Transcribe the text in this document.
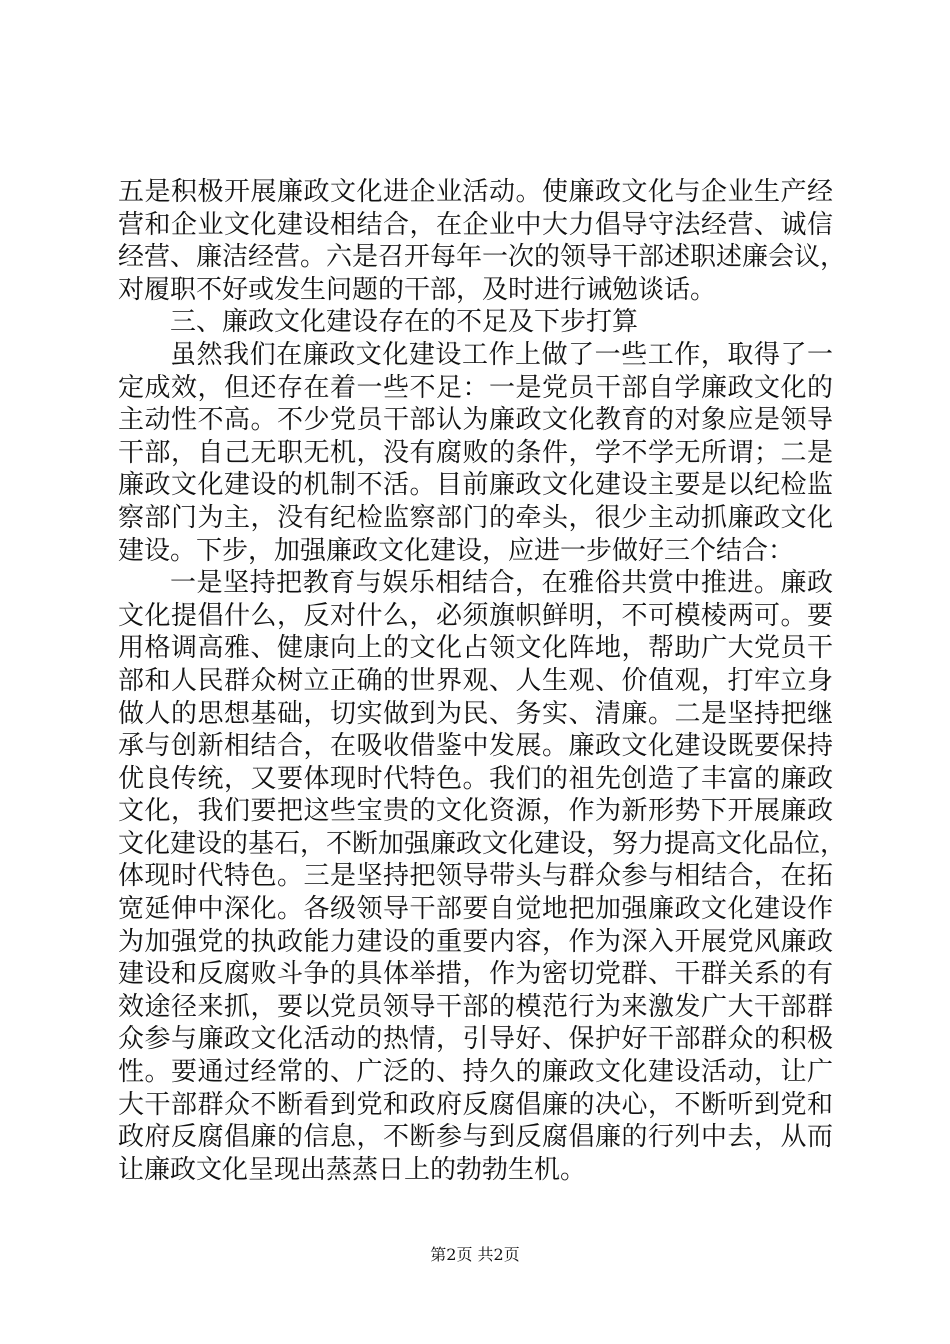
五是积极开展廉政文化进企业活动。使廉政文化与企业生产经
营和企业文化建设相结合，在企业中大力倡导守法经营、诚信
经营、廉洁经营。六是召开每年一次的领导干部述职述廉会议，
对履职不好或发生问题的干部，及时进行诫勉谈话。
三、廉政文化建设存在的不足及下步打算
虽然我们在廉政文化建设工作上做了一些工作，取得了一
定成效，但还存在着一些不足：一是党员干部自学廉政文化的
主动性不高。不少党员干部认为廉政文化教育的对象应是领导
干部，自己无职无机，没有腐败的条件，学不学无所谓；二是
廉政文化建设的机制不活。目前廉政文化建设主要是以纪检监
察部门为主，没有纪检监察部门的牵头，很少主动抓廉政文化
建设。下步，加强廉政文化建设，应进一步做好三个结合：
一是坚持把教育与娱乐相结合，在雅俗共赏中推进。廉政
文化提倡什么，反对什么，必须旗帜鲜明，不可模棱两可。要
用格调高雅、健康向上的文化占领文化阵地，帮助广大党员干
部和人民群众树立正确的世界观、人生观、价值观，打牢立身
做人的思想基础，切实做到为民、务实、清廉。二是坚持把继
承与创新相结合，在吸收借鉴中发展。廉政文化建设既要保持
优良传统，又要体现时代特色。我们的祖先创造了丰富的廉政
文化，我们要把这些宝贵的文化资源，作为新形势下开展廉政
文化建设的基石，不断加强廉政文化建设，努力提高文化品位，
体现时代特色。三是坚持把领导带头与群众参与相结合，在拓
宽延伸中深化。各级领导干部要自觉地把加强廉政文化建设作
为加强党的执政能力建设的重要内容，作为深入开展党风廉政
建设和反腐败斗争的具体举措，作为密切党群、干群关系的有
效途径来抓，要以党员领导干部的模范行为来激发广大干部群
众参与廉政文化活动的热情，引导好、保护好干部群众的积极
性。要通过经常的、广泛的、持久的廉政文化建设活动，让广
大干部群众不断看到党和政府反腐倡廉的决心，不断听到党和
政府反腐倡廉的信息，不断参与到反腐倡廉的行列中去，从而
让廉政文化呈现出蒸蒸日上的勃勃生机。
第2页 共2页
